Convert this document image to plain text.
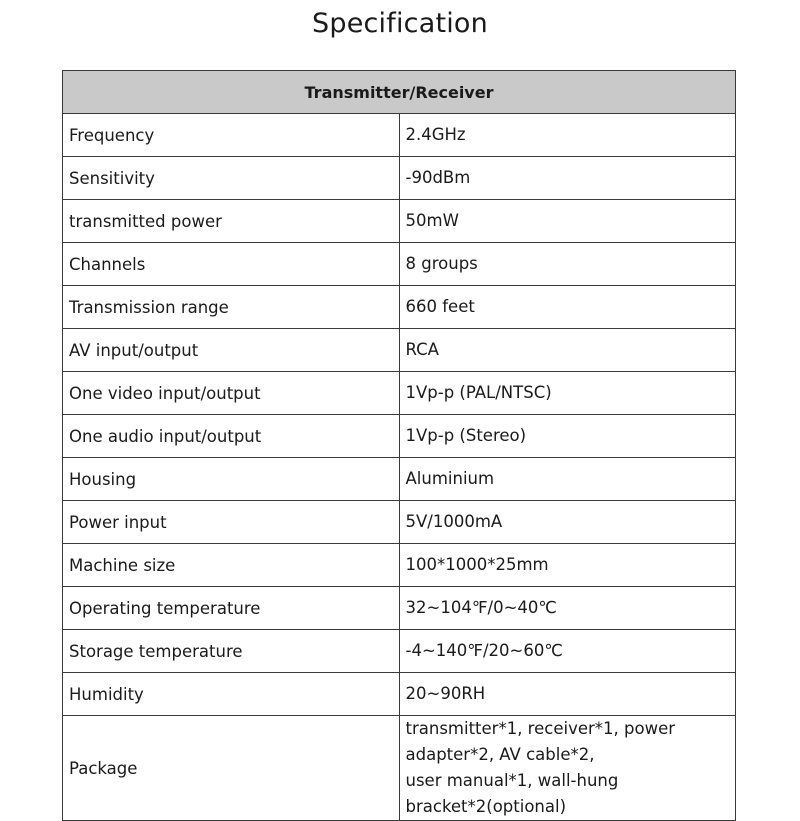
Specification
Transmitter/Receiver	
Frequency	2.4GHz
Sensitivity	-90dBm
transmitted power	50mW
Channels	8 groups
Transmission range	660 feet
AV input/output	RCA
One video input/output	1Vp-p (PAL/NTSC)
One audio input/output	1Vp-p (Stereo)
Housing	Aluminium
Power input	5V/1000mA
Machine size	100*1000*25mm
Operating temperature	32~104℉/0~40℃
Storage temperature	-4~140℉/20~60℃
Humidity	20~90RH
Package	transmitter*1, receiver*1, power adapter*2, AV cable*2,
user manual*1, wall-hung bracket*2(optional)
